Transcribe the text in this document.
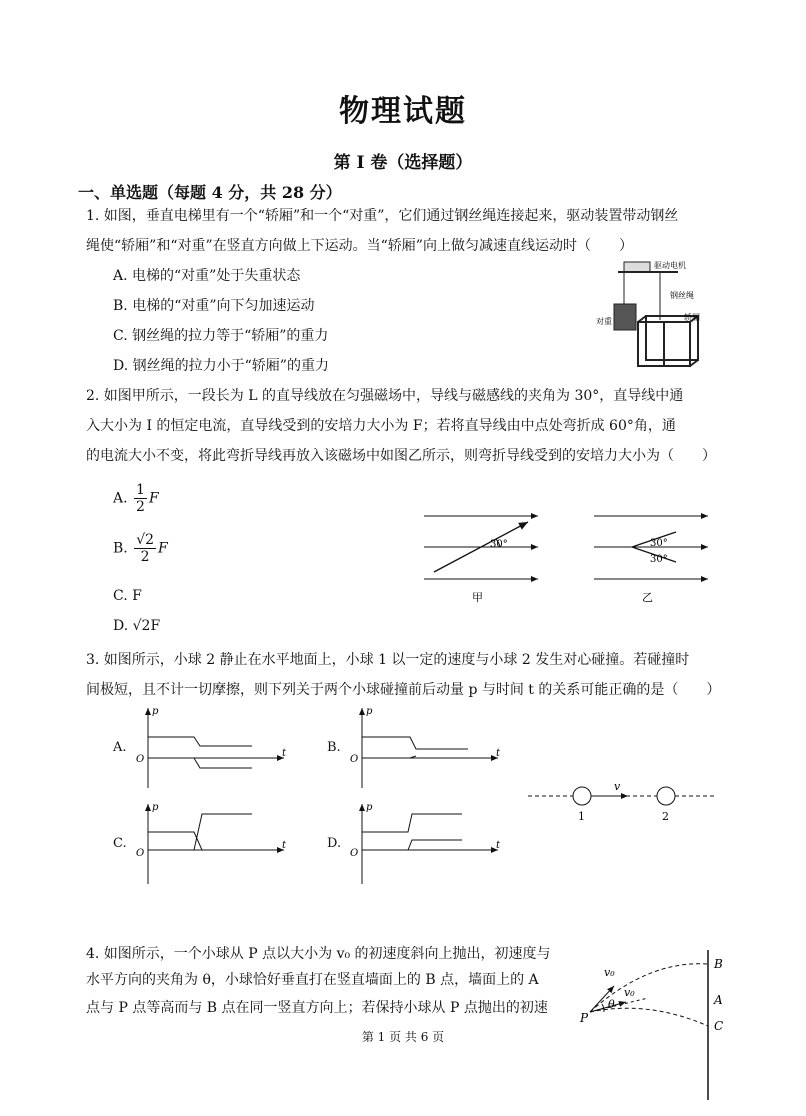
物理试题
第 I 卷（选择题）
一、单选题（每题 4 分，共 28 分）
1. 如图，垂直电梯里有一个“轿厢”和一个“对重”，它们通过钢丝绳连接起来，驱动装置带动钢丝
绳使“轿厢”和“对重”在竖直方向做上下运动。当“轿厢”向上做匀减速直线运动时（　　）
A. 电梯的“对重”处于失重状态
B. 电梯的“对重”向下匀加速运动
C. 钢丝绳的拉力等于“轿厢”的重力
D. 钢丝绳的拉力小于“轿厢”的重力
驱动电机
钢丝绳
对重	轿厢
2. 如图甲所示，一段长为 L 的直导线放在匀强磁场中，导线与磁感线的夹角为 30°，直导线中通
入大小为 I 的恒定电流，直导线受到的安培力大小为 F；若将直导线由中点处弯折成 60°角，通
的电流大小不变，将此弯折导线再放入该磁场中如图乙所示，则弯折导线受到的安培力大小为（　　）
A. $\frac{1}{2}$ F
B. $\frac{√2}{2}$ F
C. F
D. √2F
30°
甲
30°
30°
乙
3. 如图所示，小球 2 静止在水平地面上，小球 1 以一定的速度与小球 2 发生对心碰撞。若碰撞时
间极短，且不计一切摩擦，则下列关于两个小球碰撞前后动量 p 与时间 t 的关系可能正确的是（　　）
A.	B.
C.	D.
p
t
O
p
t
O
p
t
O
p
t
O
v
1	2
4. 如图所示，一个小球从 P 点以大小为 v₀ 的初速度斜向上抛出，初速度与
水平方向的夹角为 θ，小球恰好垂直打在竖直墙面上的 B 点，墙面上的 A
点与 P 点等高而与 B 点在同一竖直方向上；若保持小球从 P 点抛出的初速
v₀
v₀
θ
P
B
A
C
第 1 页 共 6 页
